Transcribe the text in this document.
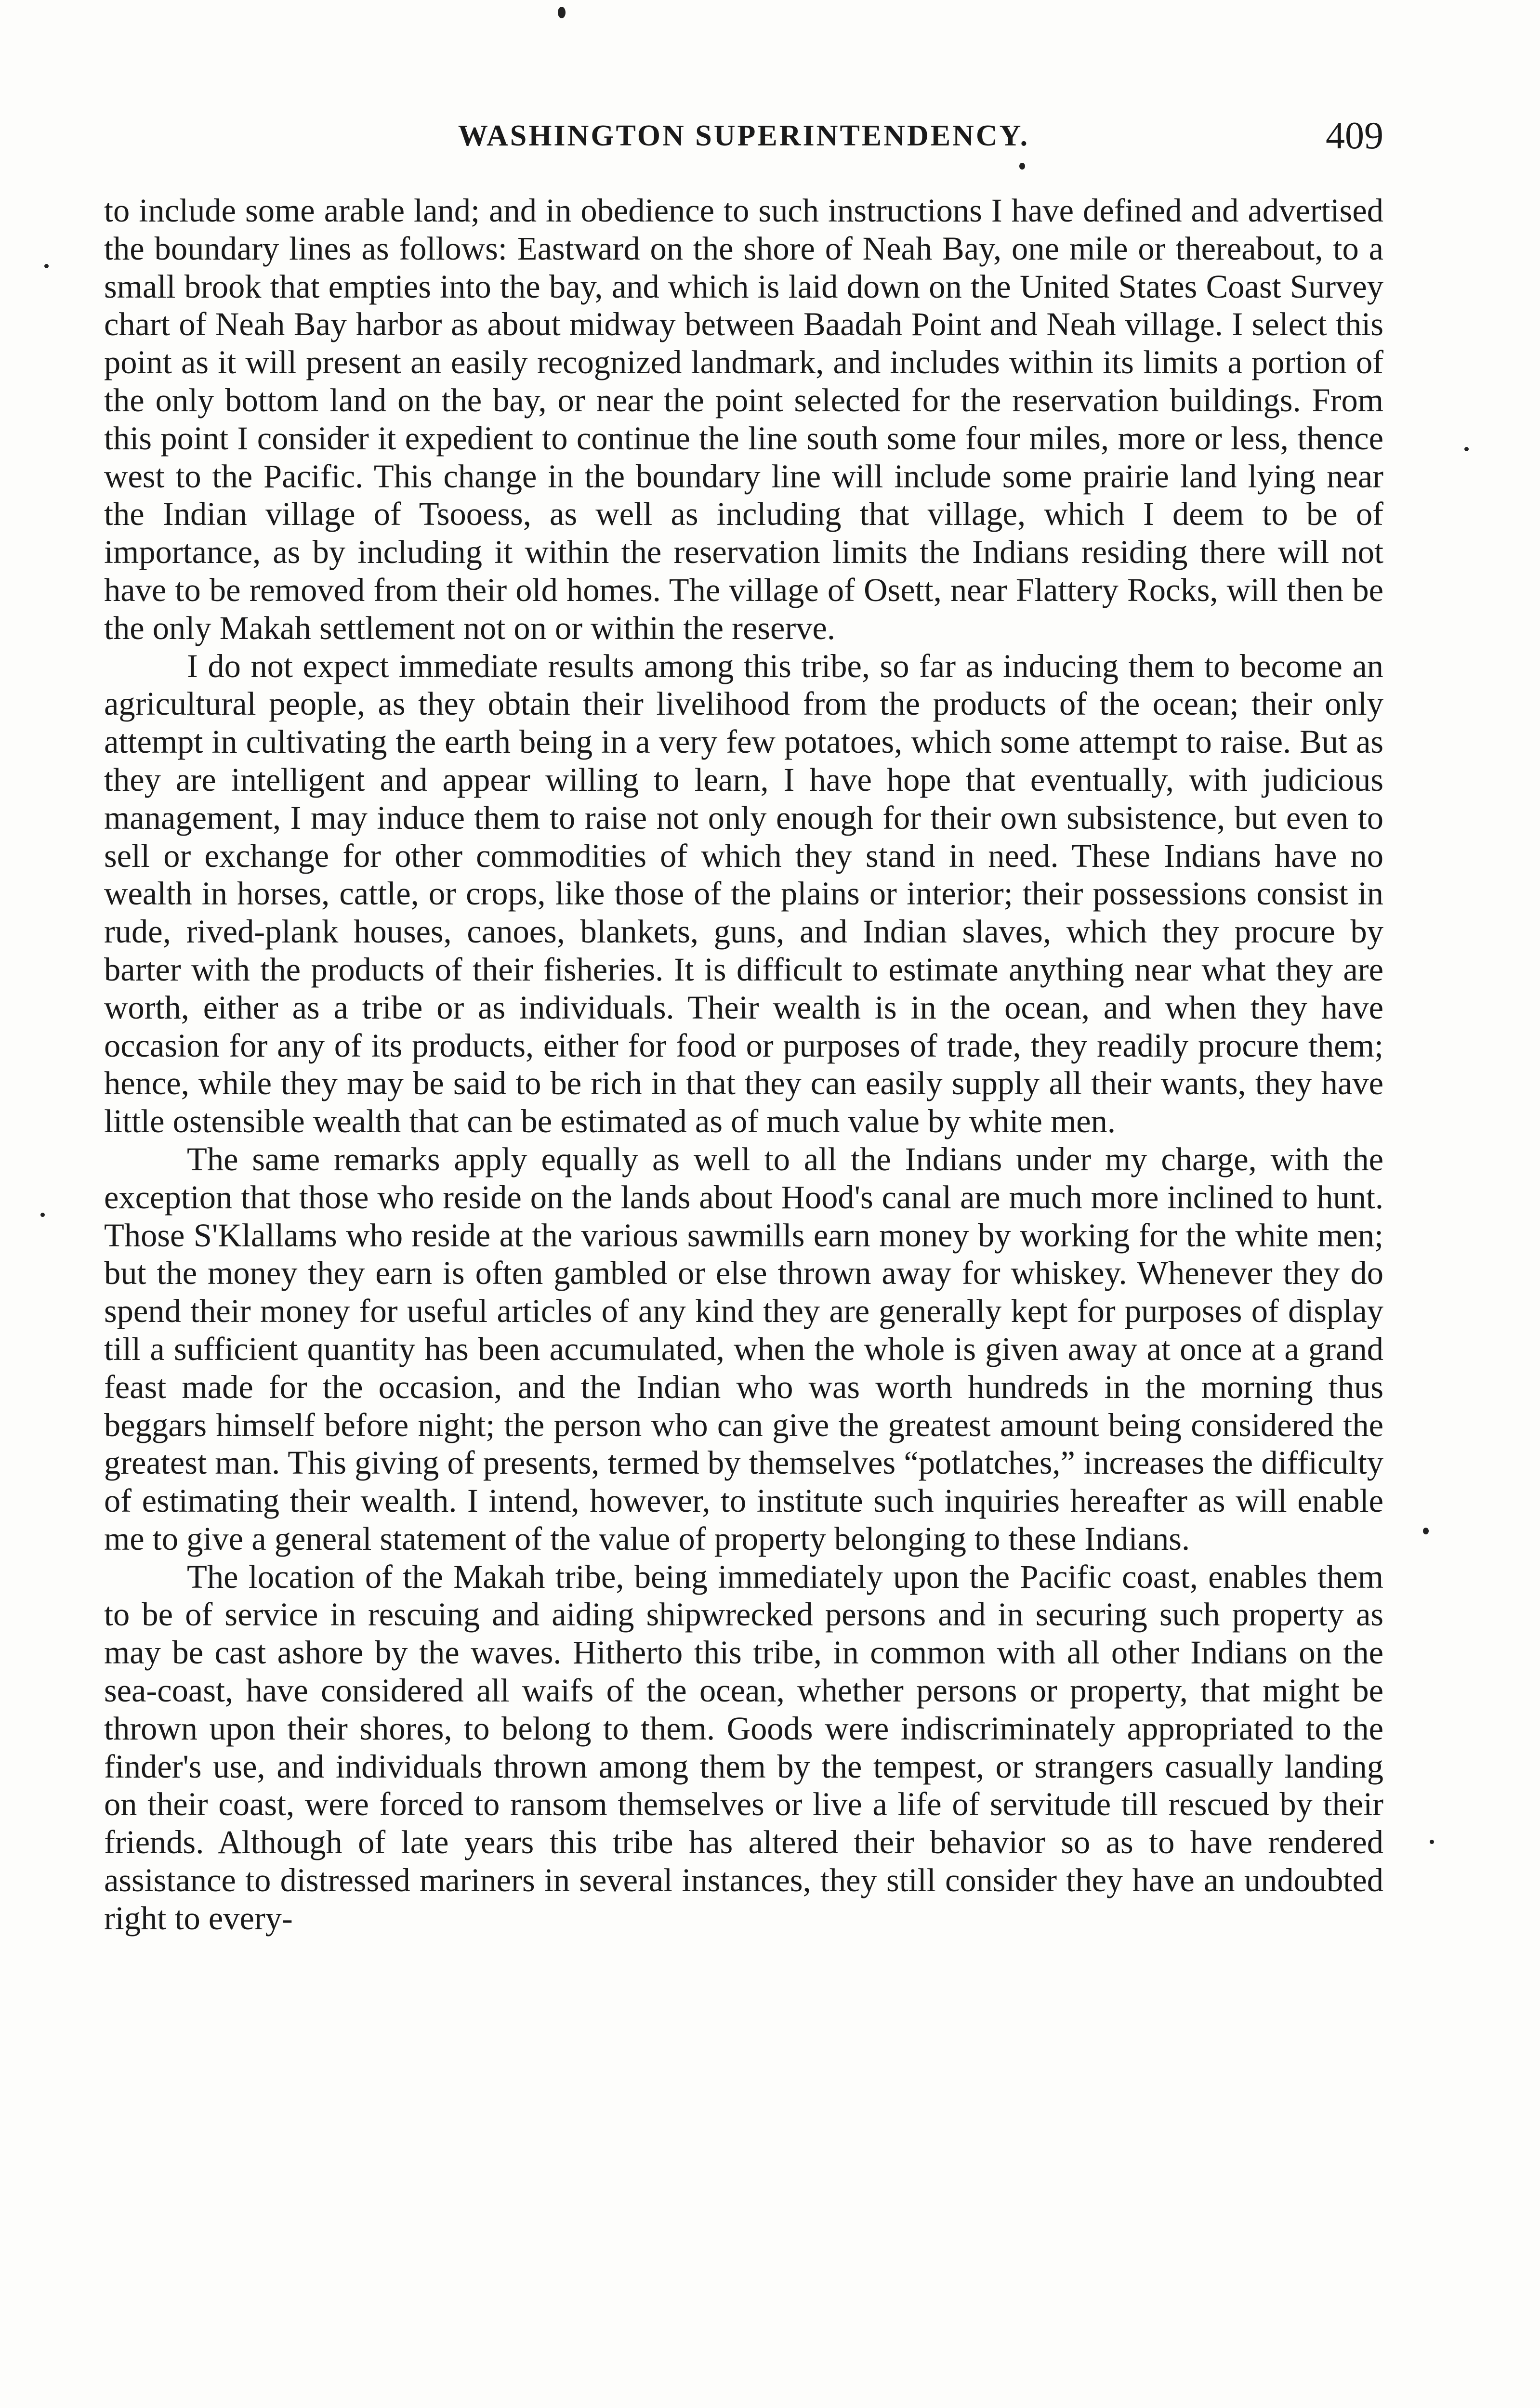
WASHINGTON SUPERINTENDENCY.	409

to include some arable land; and in obedience to such instructions I have defined and advertised the boundary lines as follows: Eastward on the shore of Neah Bay, one mile or thereabout, to a small brook that empties into the bay, and which is laid down on the United States Coast Survey chart of Neah Bay harbor as about midway between Baadah Point and Neah village. I select this point as it will present an easily recognized landmark, and includes within its limits a portion of the only bottom land on the bay, or near the point selected for the reservation buildings. From this point I consider it expedient to continue the line south some four miles, more or less, thence west to the Pacific. This change in the boundary line will include some prairie land lying near the Indian village of Tsooess, as well as including that village, which I deem to be of importance, as by including it within the reservation limits the Indians residing there will not have to be removed from their old homes. The village of Osett, near Flattery Rocks, will then be the only Makah settlement not on or within the reserve.

I do not expect immediate results among this tribe, so far as inducing them to become an agricultural people, as they obtain their livelihood from the products of the ocean; their only attempt in cultivating the earth being in a very few potatoes, which some attempt to raise. But as they are intelligent and appear willing to learn, I have hope that eventually, with judicious management, I may induce them to raise not only enough for their own subsistence, but even to sell or exchange for other commodities of which they stand in need. These Indians have no wealth in horses, cattle, or crops, like those of the plains or interior; their possessions consist in rude, rived-plank houses, canoes, blankets, guns, and Indian slaves, which they procure by barter with the products of their fisheries. It is difficult to estimate anything near what they are worth, either as a tribe or as individuals. Their wealth is in the ocean, and when they have occasion for any of its products, either for food or purposes of trade, they readily procure them; hence, while they may be said to be rich in that they can easily supply all their wants, they have little ostensible wealth that can be estimated as of much value by white men.

The same remarks apply equally as well to all the Indians under my charge, with the exception that those who reside on the lands about Hood's canal are much more inclined to hunt. Those S'Klallams who reside at the various sawmills earn money by working for the white men; but the money they earn is often gambled or else thrown away for whiskey. Whenever they do spend their money for useful articles of any kind they are generally kept for purposes of display till a sufficient quantity has been accumulated, when the whole is given away at once at a grand feast made for the occasion, and the Indian who was worth hundreds in the morning thus beggars himself before night; the person who can give the greatest amount being considered the greatest man. This giving of presents, termed by themselves “potlatches,” increases the difficulty of estimating their wealth. I intend, however, to institute such inquiries hereafter as will enable me to give a general statement of the value of property belonging to these Indians.

The location of the Makah tribe, being immediately upon the Pacific coast, enables them to be of service in rescuing and aiding shipwrecked persons and in securing such property as may be cast ashore by the waves. Hitherto this tribe, in common with all other Indians on the sea-coast, have considered all waifs of the ocean, whether persons or property, that might be thrown upon their shores, to belong to them. Goods were indiscriminately appropriated to the finder's use, and individuals thrown among them by the tempest, or strangers casually landing on their coast, were forced to ransom themselves or live a life of servitude till rescued by their friends. Although of late years this tribe has altered their behavior so as to have rendered assistance to distressed mariners in several instances, they still consider they have an undoubted right to every-
